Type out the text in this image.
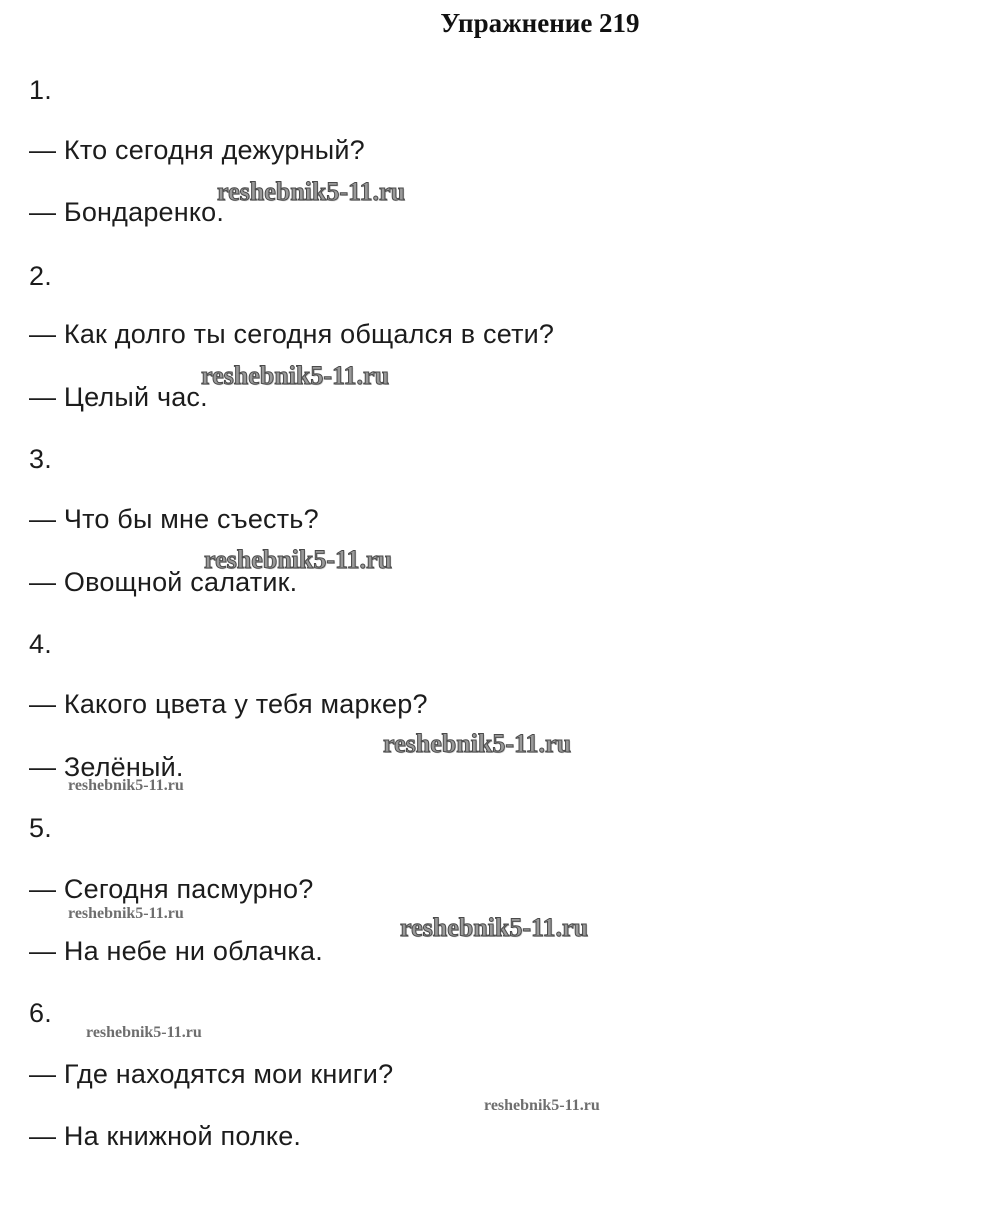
Упражнение 219
1.
— Кто сегодня дежурный?
— Бондаренко.
2.
— Как долго ты сегодня общался в сети?
— Целый час.
3.
— Что бы мне съесть?
— Овощной салатик.
4.
— Какого цвета у тебя маркер?
— Зелёный.
5.
— Сегодня пасмурно?
— На небе ни облачка.
6.
— Где находятся мои книги?
— На книжной полке.
reshebnik5-11.ru
reshebnik5-11.ru
reshebnik5-11.ru
reshebnik5-11.ru
reshebnik5-11.ru
reshebnik5-11.ru	reshebnik5-11.ru
reshebnik5-11.ru
reshebnik5-11.ru
